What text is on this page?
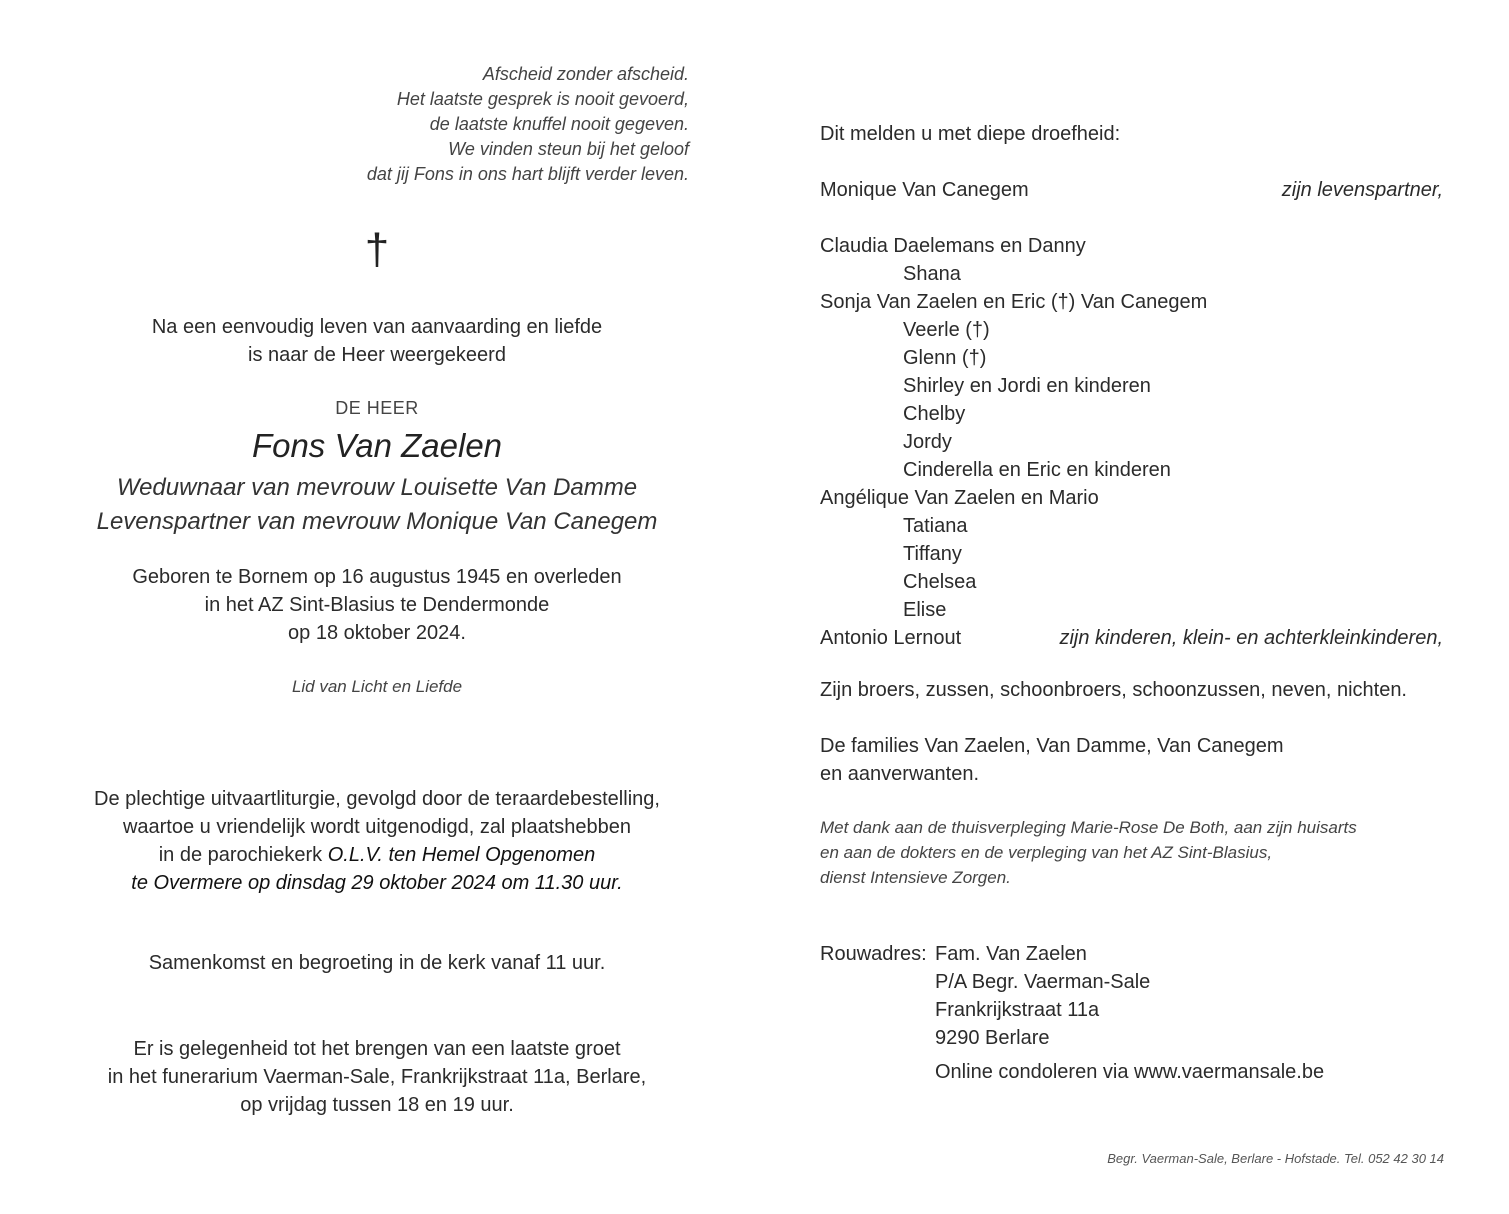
Afscheid zonder afscheid.
Het laatste gesprek is nooit gevoerd,
de laatste knuffel nooit gegeven.
We vinden steun bij het geloof
dat jij Fons in ons hart blijft verder leven.
†
Na een eenvoudig leven van aanvaarding en liefde
is naar de Heer weergekeerd
DE HEER
Fons Van Zaelen
Weduwnaar van mevrouw Louisette Van Damme
Levenspartner van mevrouw Monique Van Canegem
Geboren te Bornem op 16 augustus 1945 en overleden
in het AZ Sint-Blasius te Dendermonde
op 18 oktober 2024.
Lid van Licht en Liefde
De plechtige uitvaartliturgie, gevolgd door de teraardebestelling,
waartoe u vriendelijk wordt uitgenodigd, zal plaatshebben
in de parochiekerk O.L.V. ten Hemel Opgenomen
te Overmere op dinsdag 29 oktober 2024 om 11.30 uur.
Samenkomst en begroeting in de kerk vanaf 11 uur.
Er is gelegenheid tot het brengen van een laatste groet
in het funerarium Vaerman-Sale, Frankrijkstraat 11a, Berlare,
op vrijdag tussen 18 en 19 uur.
Dit melden u met diepe droefheid:
Monique Van Canegem	zijn levenspartner,
Claudia Daelemans en Danny
Shana
Sonja Van Zaelen en Eric (†) Van Canegem
Veerle (†)
Glenn (†)
Shirley en Jordi en kinderen
Chelby
Jordy
Cinderella en Eric en kinderen
Angélique Van Zaelen en Mario
Tatiana
Tiffany
Chelsea
Elise
Antonio Lernout	zijn kinderen, klein- en achterkleinkinderen,
Zijn broers, zussen, schoonbroers, schoonzussen, neven, nichten.
De families Van Zaelen, Van Damme, Van Canegem
en aanverwanten.
Met dank aan de thuisverpleging Marie-Rose De Both, aan zijn huisarts
en aan de dokters en de verpleging van het AZ Sint-Blasius,
dienst Intensieve Zorgen.
Rouwadres: Fam. Van Zaelen
P/A Begr. Vaerman-Sale
Frankrijkstraat 11a
9290 Berlare
Online condoleren via www.vaermansale.be
Begr. Vaerman-Sale, Berlare - Hofstade. Tel. 052 42 30 14
